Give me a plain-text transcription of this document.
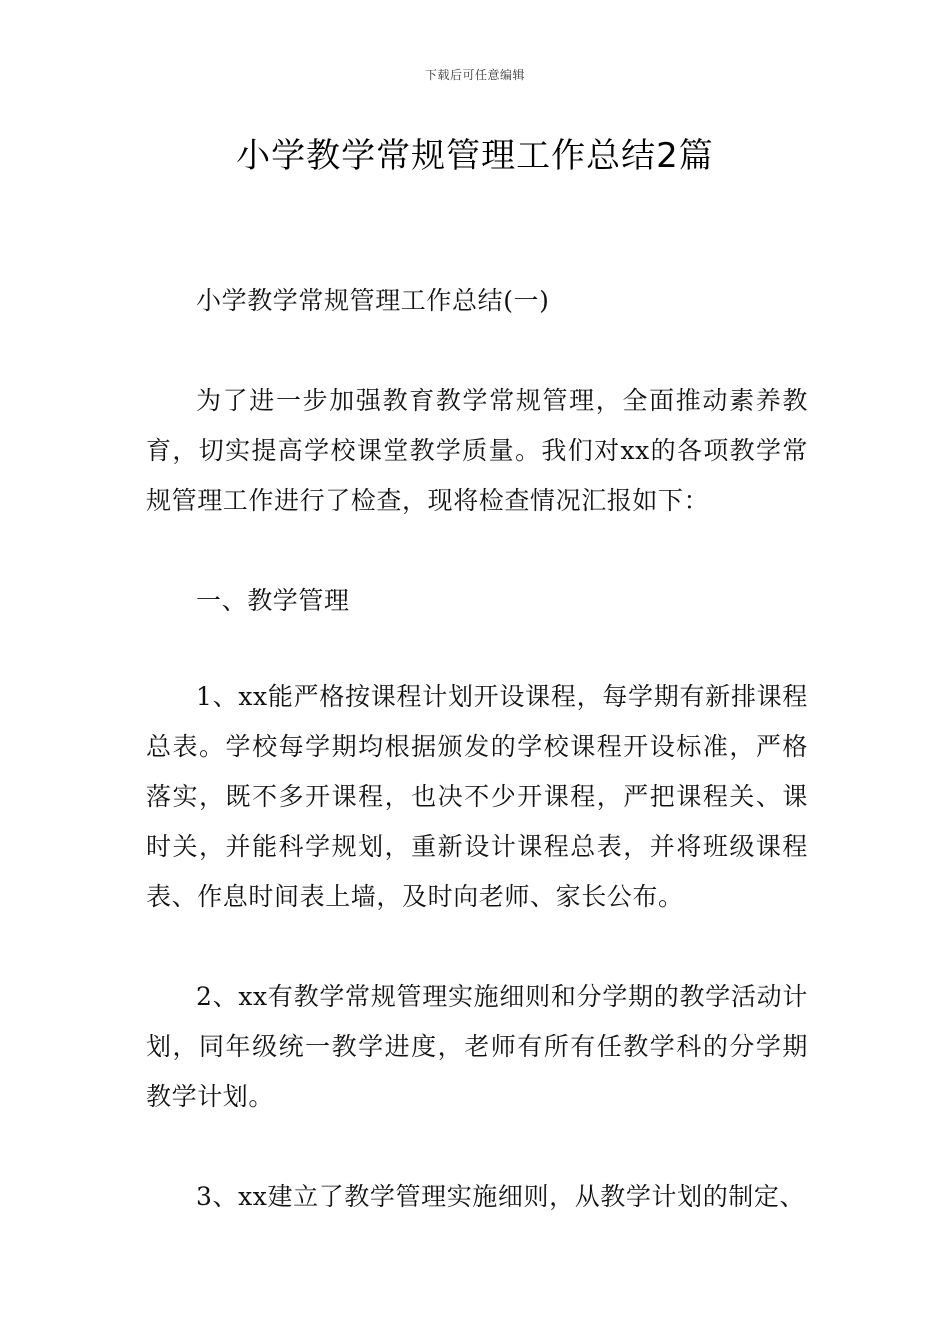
下载后可任意编辑
小学教学常规管理工作总结2篇
小学教学常规管理工作总结(一)
为了进一步加强教育教学常规管理，全面推动素养教育，切实提高学校课堂教学质量。我们对xx的各项教学常规管理工作进行了检查，现将检查情况汇报如下：
一、教学管理
1、xx能严格按课程计划开设课程，每学期有新排课程总表。学校每学期均根据颁发的学校课程开设标准，严格落实，既不多开课程，也决不少开课程，严把课程关、课时关，并能科学规划，重新设计课程总表，并将班级课程表、作息时间表上墙，及时向老师、家长公布。
2、xx有教学常规管理实施细则和分学期的教学活动计划，同年级统一教学进度，老师有所有任教学科的分学期教学计划。
3、xx建立了教学管理实施细则，从教学计划的制定、
